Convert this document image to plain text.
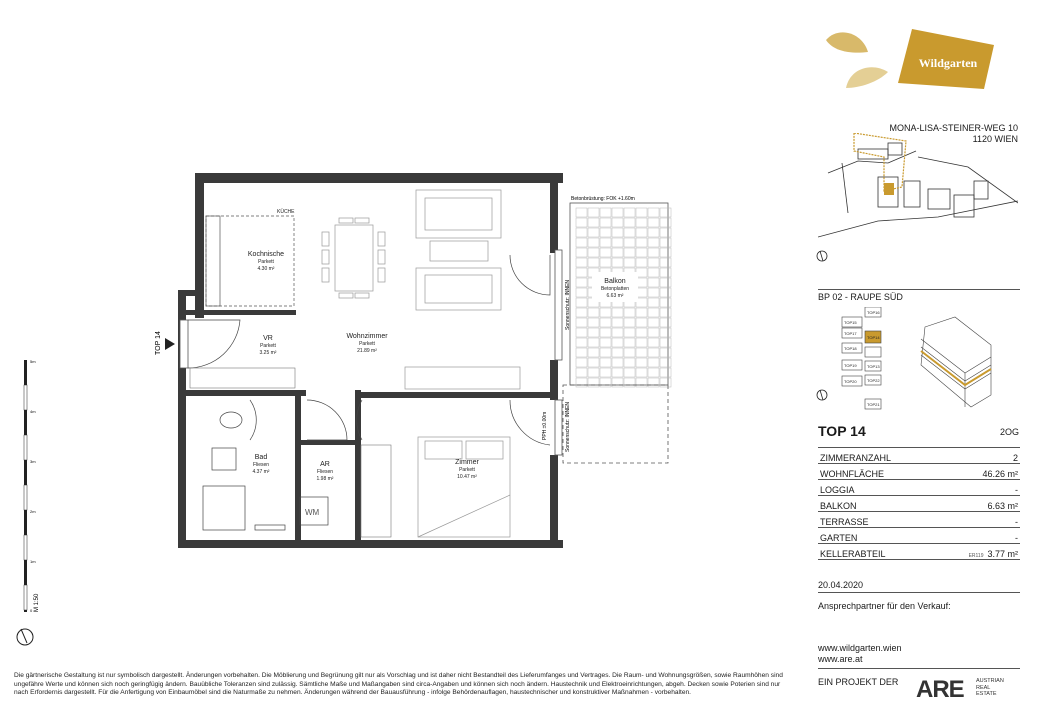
5m
4m
3m
2m
1m
0 M 1:50
TOP 14
Betonbrüstung: FOK +1.60m
KÜCHE
WM
Sonnenschutz: INNEN
Sonnenschutz: INNEN
PPH ±0.00m
Kochnische
Parkett
4.30 m²
Wohnzimmer
Parkett
21.89 m²
VR
Parkett
3.25 m²
Balkon
Betonplatten
6.63 m²
Bad
Fliesen
4.37 m²
AR
Fliesen
1.98 m²
Zimmer
Parkett
10.47 m²
Wildgarten
MONA-LISA-STEINER-WEG 10
1120 WIEN
BP 02 - RAUPE SÜD
TOP15
TOP17
TOP14
TOP18
TOP16
TOP19	TOP13
TOP20	TOP22
TOP21
TOP 14	2OG
ZIMMERANZAHL	2
WOHNFLÄCHE	46.26 m²
LOGGIA	-
BALKON	6.63 m²
TERRASSE	-
GARTEN	-
KELLERABTEIL	ER119 3.77 m²
20.04.2020
Ansprechpartner für den Verkauf:
www.wildgarten.wien
www.are.at
EIN PROJEKT DER ARE AUSTRIAN
REAL
ESTATE
Die gärtnerische Gestaltung ist nur symbolisch dargestellt. Änderungen vorbehalten. Die Möblierung und Begrünung gilt nur als Vorschlag und ist daher nicht Bestandteil des Lieferumfanges und Vertrages. Die Raum- und Wohnungsgrößen, sowie Raumhöhen sind ungefähre Werte und können sich noch geringfügig ändern. Bauübliche Toleranzen sind zulässig. Sämtliche Maße und Maßangaben sind circa-Angaben und können sich noch ändern. Haustechnik und Elektroeinrichtungen, abgeh. Decken sowie Poterien sind nur nach Erfordernis dargestellt. Für die Anfertigung von Einbaumöbel sind die Naturmaße zu nehmen. Änderungen während der Bauausführung - infolge Behördenauflagen, haustechnischer und konstruktiver Maßnahmen - vorbehalten.
